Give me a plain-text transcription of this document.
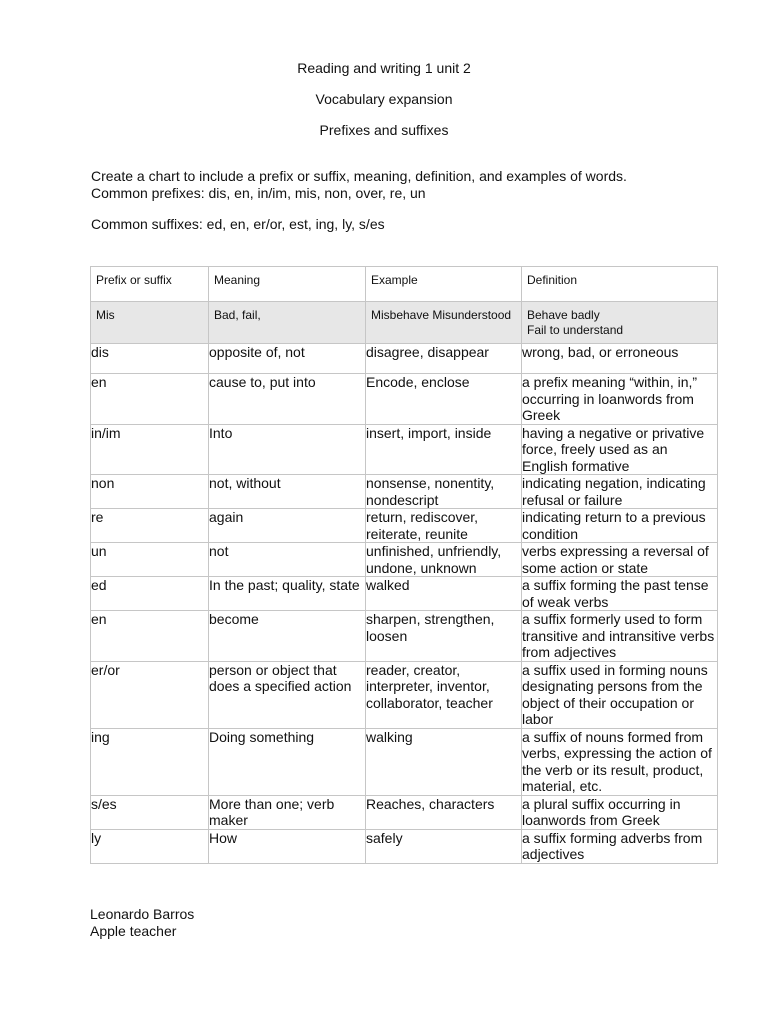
Reading and writing 1 unit 2
Vocabulary expansion
Prefixes and suffixes
Create a chart to include a prefix or suffix, meaning, definition, and examples of words.
Common prefixes: dis, en, in/im, mis, non, over, re, un
Common suffixes: ed, en, er/or, est, ing, ly, s/es
Prefix or suffix	Meaning	Example	Definition
Mis	Bad, fail,	Misbehave Misunderstood	Behave badly
Fail to understand

dis	opposite of, not	disagree, disappear	wrong, bad, or erroneous
en	cause to, put into	Encode, enclose	a prefix meaning “within, in,” occurring in loanwords from Greek
in/im	Into	insert, import, inside	having a negative or privative force, freely used as an English formative
non	not, without	nonsense, nonentity, nondescript	indicating negation, indicating refusal or failure
re	again	return, rediscover, reiterate, reunite	indicating return to a previous condition
un	not	unfinished, unfriendly, undone, unknown	verbs expressing a reversal of some action or state
ed	In the past; quality, state	walked	a suffix forming the past tense of weak verbs
en	become	sharpen, strengthen, loosen	a suffix formerly used to form transitive and intransitive verbs from adjectives
er/or	person or object that does a specified action	reader, creator, interpreter, inventor, collaborator, teacher	a suffix used in forming nouns designating persons from the object of their occupation or labor
ing	Doing something	walking	a suffix of nouns formed from verbs, expressing the action of the verb or its result, product, material, etc.
s/es	More than one; verb maker	Reaches, characters	a plural suffix occurring in loanwords from Greek
ly	How	safely	a suffix forming adverbs from adjectives
Leonardo Barros
Apple teacher
